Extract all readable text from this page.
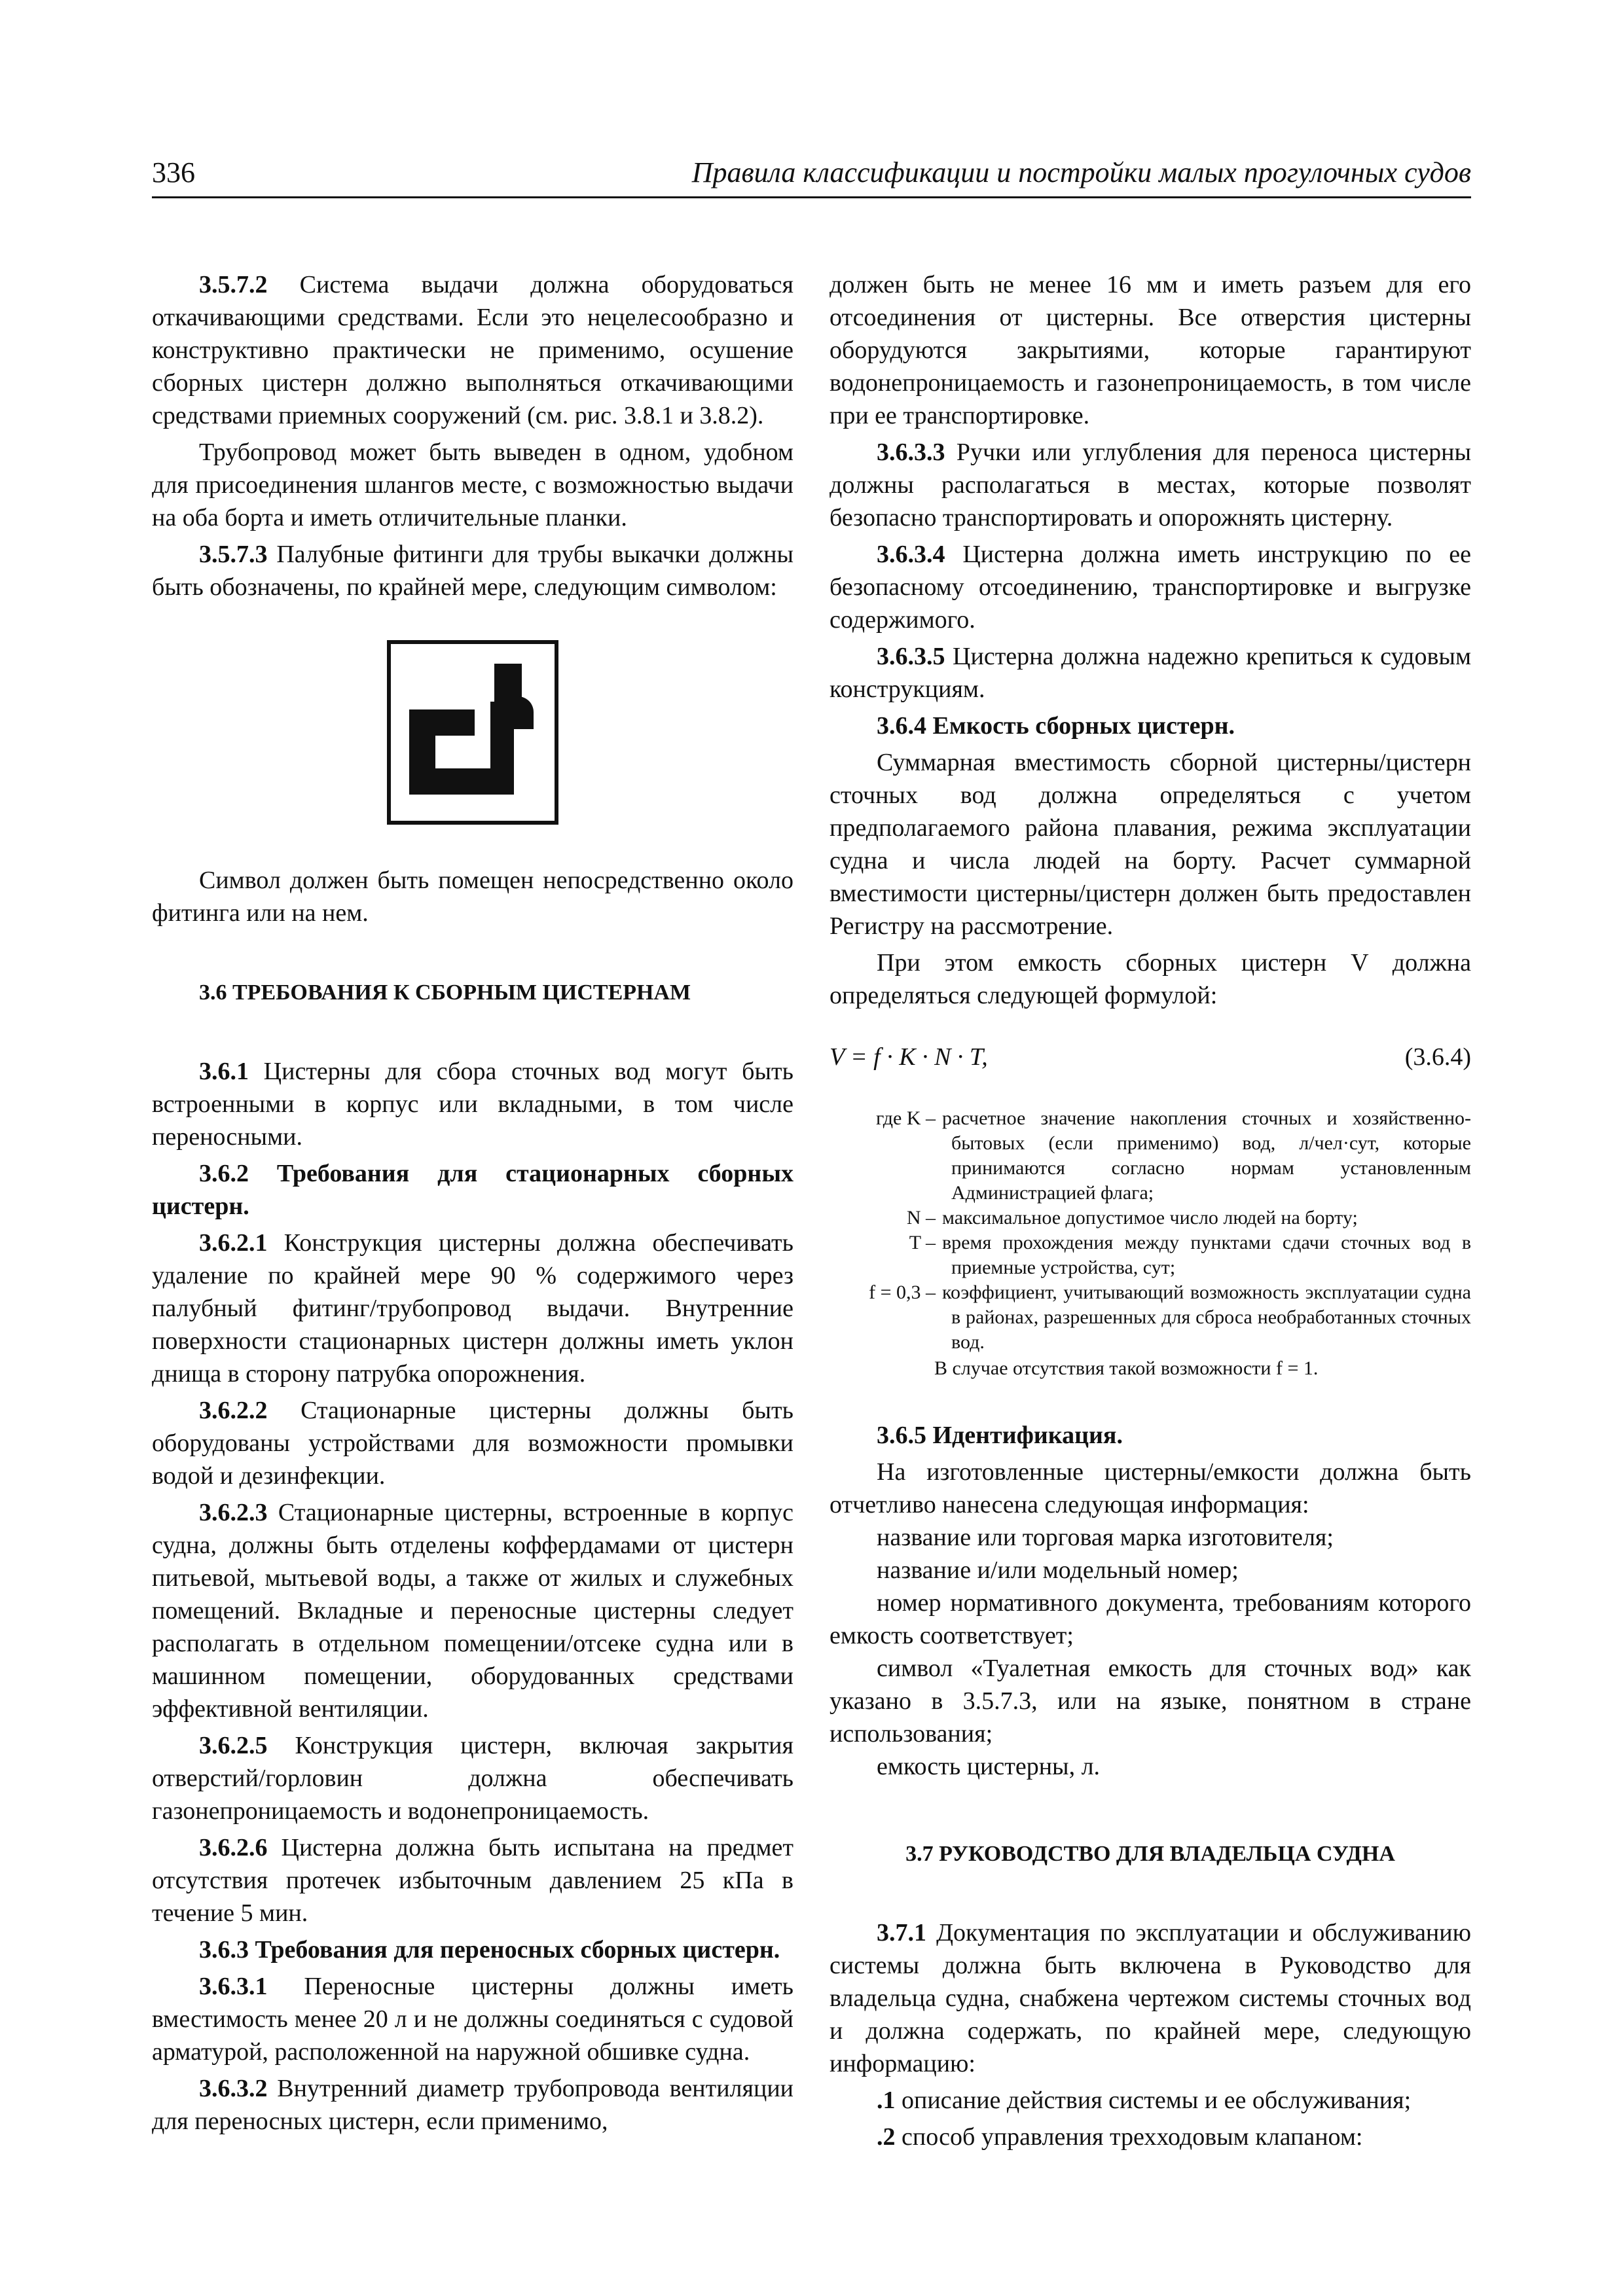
336	Правила классификации и постройки малых прогулочных судов

3.5.7.2 Система выдачи должна оборудоваться откачивающими средствами. Если это нецелесообразно и конструктивно практически не применимо, осушение сборных цистерн должно выполняться откачивающими средствами приемных сооружений (см. рис. 3.8.1 и 3.8.2).

Трубопровод может быть выведен в одном, удобном для присоединения шлангов месте, с возможностью выдачи на оба борта и иметь отличительные планки.

3.5.7.3 Палубные фитинги для трубы выкачки должны быть обозначены, по крайней мере, следующим символом:

Символ должен быть помещен непосредственно около фитинга или на нем.

3.6 ТРЕБОВАНИЯ К СБОРНЫМ ЦИСТЕРНАМ

3.6.1 Цистерны для сбора сточных вод могут быть встроенными в корпус или вкладными, в том числе переносными.

3.6.2 Требования для стационарных сборных цистерн.

3.6.2.1 Конструкция цистерны должна обеспечивать удаление по крайней мере 90 % содержимого через палубный фитинг/трубопровод выдачи. Внутренние поверхности стационарных цистерн должны иметь уклон днища в сторону патрубка опорожнения.

3.6.2.2 Стационарные цистерны должны быть оборудованы устройствами для возможности промывки водой и дезинфекции.

3.6.2.3 Стационарные цистерны, встроенные в корпус судна, должны быть отделены коффердамами от цистерн питьевой, мытьевой воды, а также от жилых и служебных помещений. Вкладные и переносные цистерны следует располагать в отдельном помещении/отсеке судна или в машинном помещении, оборудованных средствами эффективной вентиляции.

3.6.2.5 Конструкция цистерн, включая закрытия отверстий/горловин должна обеспечивать газонепроницаемость и водонепроницаемость.

3.6.2.6 Цистерна должна быть испытана на предмет отсутствия протечек избыточным давлением 25 кПа в течение 5 мин.

3.6.3 Требования для переносных сборных цистерн.

3.6.3.1 Переносные цистерны должны иметь вместимость менее 20 л и не должны соединяться с судовой арматурой, расположенной на наружной обшивке судна.

3.6.3.2 Внутренний диаметр трубопровода вентиляции для переносных цистерн, если применимо,

должен быть не менее 16 мм и иметь разъем для его отсоединения от цистерны. Все отверстия цистерны оборудуются закрытиями, которые гарантируют водонепроницаемость и газонепроницаемость, в том числе при ее транспортировке.

3.6.3.3 Ручки или углубления для переноса цистерны должны располагаться в местах, которые позволят безопасно транспортировать и опорожнять цистерну.

3.6.3.4 Цистерна должна иметь инструкцию по ее безопасному отсоединению, транспортировке и выгрузке содержимого.

3.6.3.5 Цистерна должна надежно крепиться к судовым конструкциям.

3.6.4 Емкость сборных цистерн.

Суммарная вместимость сборной цистерны/цистерн сточных вод должна определяться с учетом предполагаемого района плавания, режима эксплуатации судна и числа людей на борту. Расчет суммарной вместимости цистерны/цистерн должен быть предоставлен Регистру на рассмотрение.

При этом емкость сборных цистерн V должна определяться следующей формулой:

V = f · K · N · T,	(3.6.4)
где K – расчетное значение накопления сточных и хозяйственно-бытовых (если применимо) вод, л/чел·сут, которые принимаются согласно нормам установленным Администрацией флага;
N – максимальное допустимое число людей на борту;
T – время прохождения между пунктами сдачи сточных вод в приемные устройства, сут;
f = 0,3 – коэффициент, учитывающий возможность эксплуатации судна в районах, разрешенных для сброса необработанных сточных вод.
В случае отсутствия такой возможности f = 1.

3.6.5 Идентификация.

На изготовленные цистерны/емкости должна быть отчетливо нанесена следующая информация:

название или торговая марка изготовителя;

название и/или модельный номер;

номер нормативного документа, требованиям которого емкость соответствует;

символ «Туалетная емкость для сточных вод» как указано в 3.5.7.3, или на языке, понятном в стране использования;

емкость цистерны, л.

3.7 РУКОВОДСТВО ДЛЯ ВЛАДЕЛЬЦА СУДНА

3.7.1 Документация по эксплуатации и обслуживанию системы должна быть включена в Руководство для владельца судна, снабжена чертежом системы сточных вод и должна содержать, по крайней мере, следующую информацию:

.1 описание действия системы и ее обслуживания;

.2 способ управления трехходовым клапаном:
